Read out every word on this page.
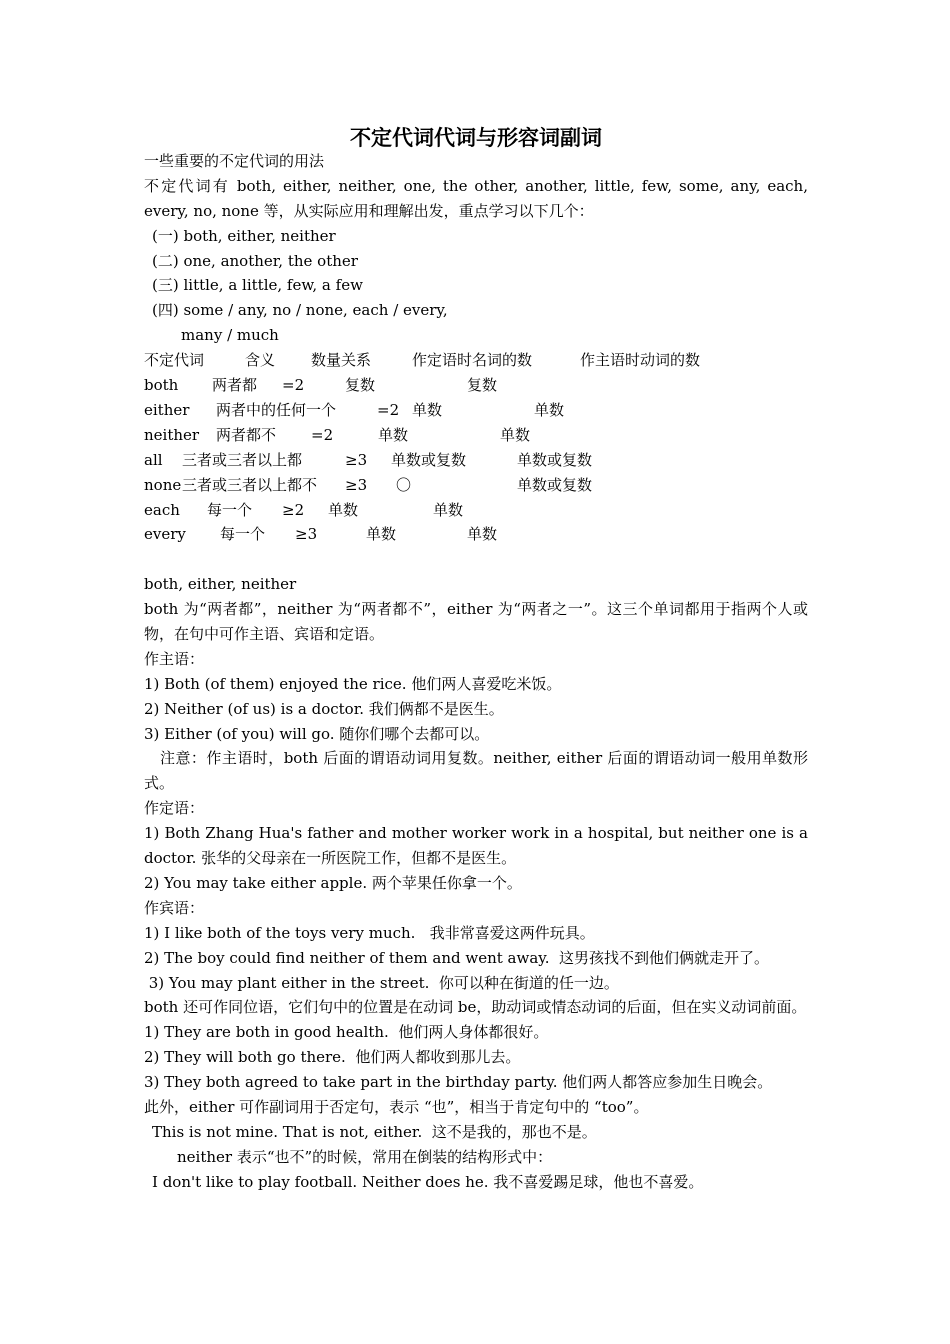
不定代词代词与形容词副词
一些重要的不定代词的用法
不定代词有 both, either, neither, one, the other, another, little, few, some, any, each, every, no, none 等，从实际应用和理解出发，重点学习以下几个：
(一) both, either, neither
(二) one, another, the other
(三) little, a little, few, a few
(四) some / any, no / none, each / every,
many / much
不定代词	含义 数量关系	作定语时名词的数	作主语时动词的数
both 两者都 =2	复数	复数
either 两者中的任何一个	=2 单数	单数
neither 两者都不 =2	单数	单数
all 三者或三者以上都	≥3 单数或复数	单数或复数
none 三者或三者以上都不 ≥3 〇	单数或复数
each 每一个 ≥2 单数	单数
every 每一个 ≥3	单数	单数
both, either, neither
both 为“两者都”，neither 为“两者都不”，either 为“两者之一”。这三个单词都用于指两个人或物，在句中可作主语、宾语和定语。
作主语：
1) Both (of them) enjoyed the rice. 他们两人喜爱吃米饭。
2) Neither (of us) is a doctor. 我们俩都不是医生。
3) Either (of you) will go. 随你们哪个去都可以。
注意：作主语时，both 后面的谓语动词用复数。neither, either 后面的谓语动词一般用单数形式。
作定语：
1) Both Zhang Hua's father and mother worker work in a hospital, but neither one is a doctor. 张华的父母亲在一所医院工作，但都不是医生。
2) You may take either apple. 两个苹果任你拿一个。
作宾语：
1) I like both of the toys very much.   我非常喜爱这两件玩具。
2) The boy could find neither of them and went away.  这男孩找不到他们俩就走开了。
3) You may plant either in the street.  你可以种在街道的任一边。
both 还可作同位语，它们句中的位置是在动词 be，助动词或情态动词的后面，但在实义动词前面。
1) They are both in good health.  他们两人身体都很好。
2) They will both go there.  他们两人都收到那儿去。
3) They both agreed to take part in the birthday party. 他们两人都答应参加生日晚会。
此外，either 可作副词用于否定句，表示 “也”，相当于肯定句中的 “too”。
This is not mine. That is not, either.  这不是我的，那也不是。
neither 表示“也不”的时候，常用在倒装的结构形式中：
I don't like to play football. Neither does he. 我不喜爱踢足球，他也不喜爱。
